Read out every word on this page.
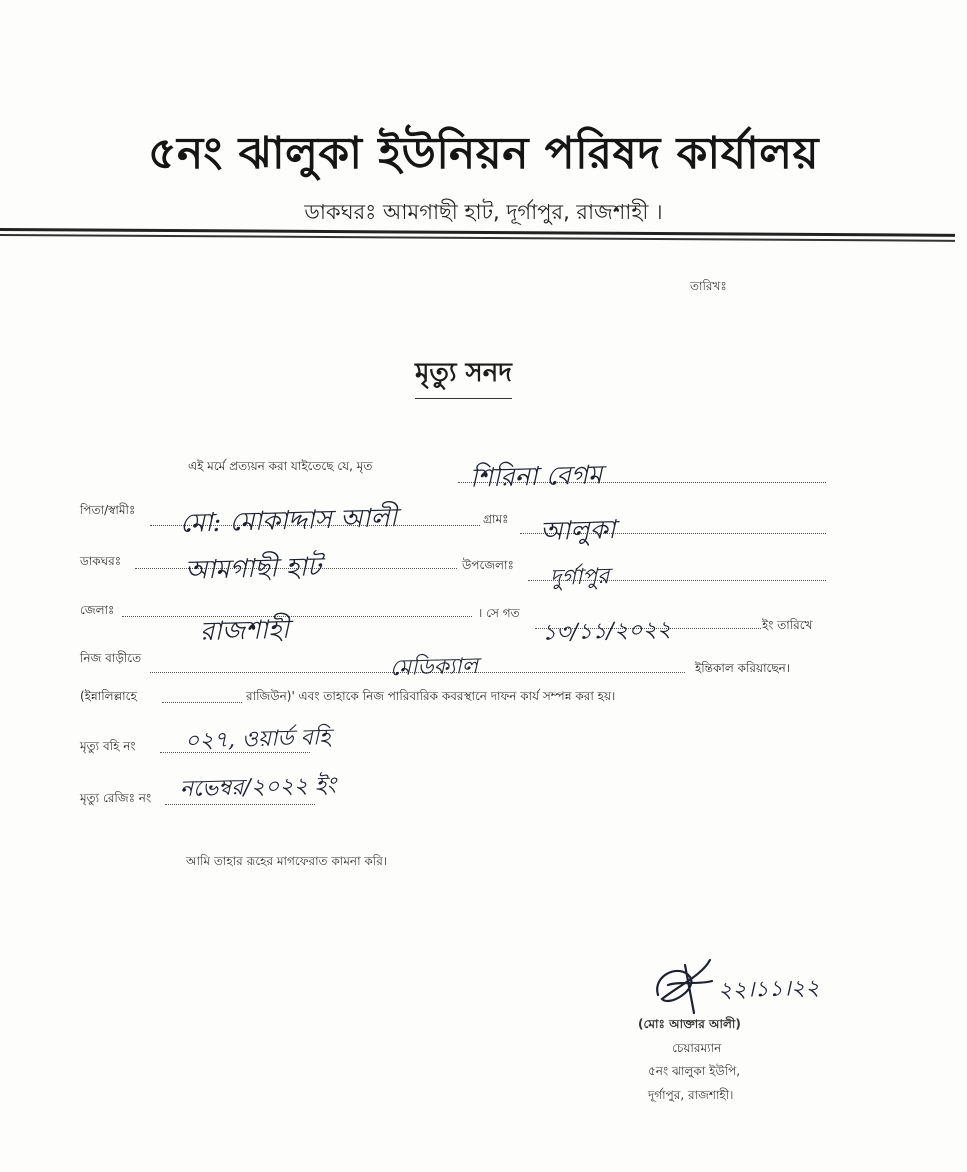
৫নং ঝালুকা ইউনিয়ন পরিষদ কার্যালয়
ডাকঘরঃ আমগাছী হাট, দূর্গাপুর, রাজশাহী ।
তারিখঃ
মৃত্যু সনদ
এই মর্মে প্রত্যয়ন করা যাইতেছে যে, মৃত	শিরিনা বেগম
পিতা/স্বামীঃ মো: মোকাদ্দাস আলী	গ্রামঃ আলুকা
ডাকঘরঃ আমগাছী হাট	উপজেলাঃ দুর্গাপুর
জেলাঃ
রাজশাহী
। সে গত
১৩/১১/২০২২	ইং তারিখে
নিজ বাড়ীতে	মেডিক্যাল	ইন্তিকাল করিয়াছেন।
(ইন্নালিল্লাহে	রাজিউন)' এবং তাহাকে নিজ পারিবারিক কবরস্থানে দাফন কার্য সম্পন্ন করা হয়।
মৃত্যু বহি নং ০২৭, ওয়ার্ড বহি
মৃত্যু রেজিঃ নং নভেম্বর/২০২২ ইং
আমি তাহার রূহের মাগফেরাত কামনা করি।
২২।১১।২২
(মোঃ আক্তার আলী)
চেয়ারম্যান
৫নং ঝালুকা ইউপি,
দূর্গাপুর, রাজশাহী।
